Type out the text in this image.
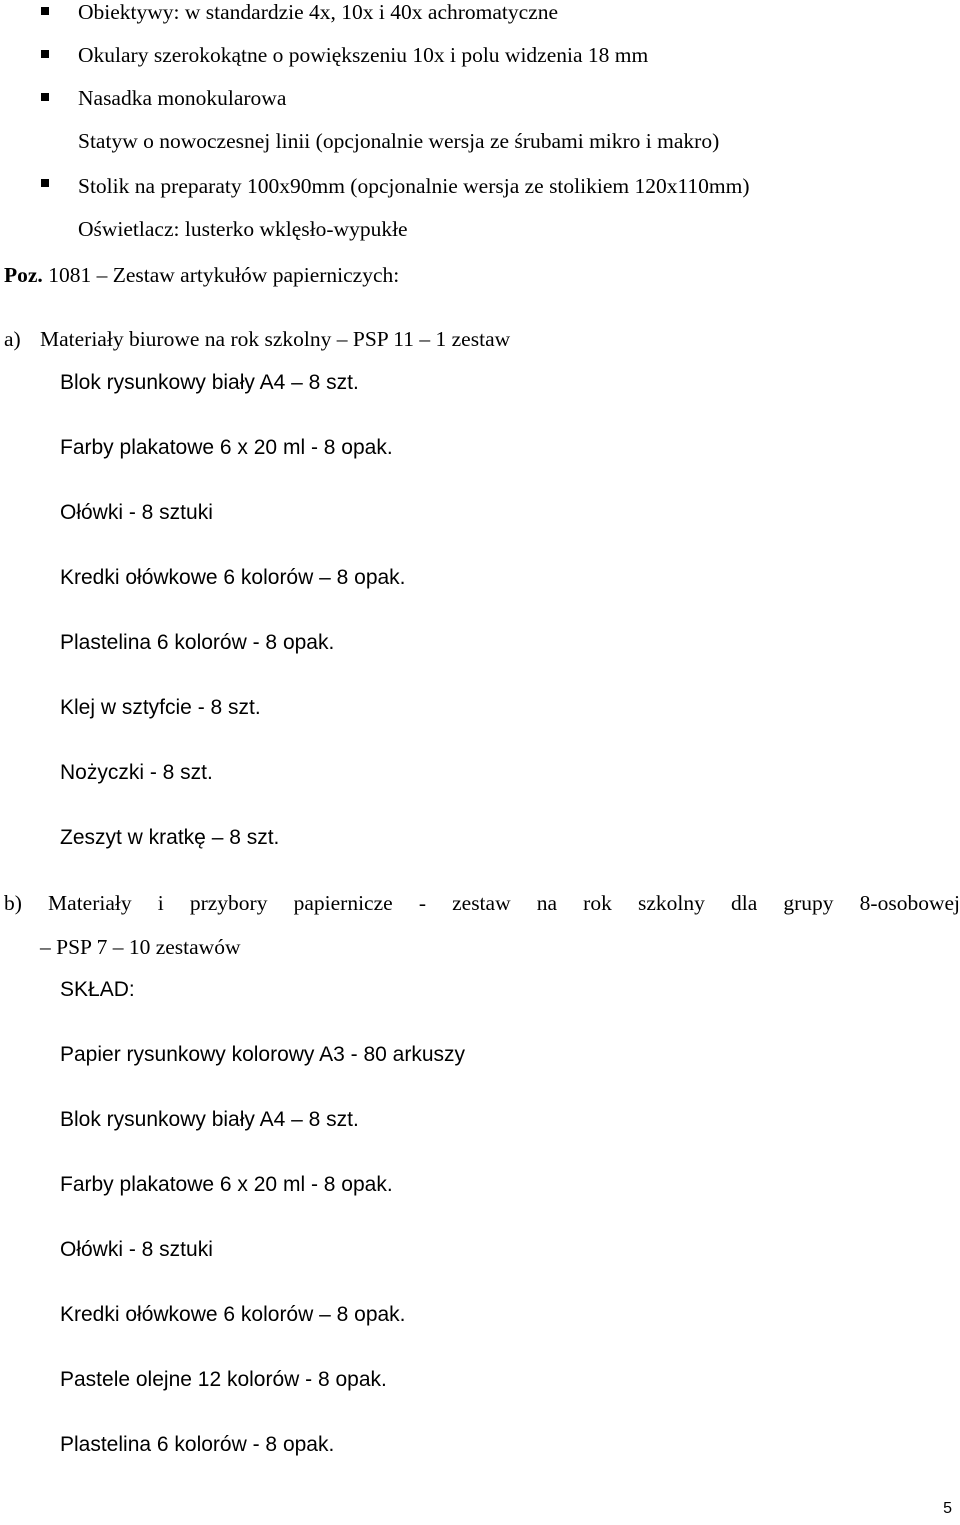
Obiektywy: w standardzie 4x, 10x i 40x achromatyczne
Okulary szerokokątne o powiększeniu 10x i polu widzenia 18 mm
Nasadka monokularowa
Statyw o nowoczesnej linii (opcjonalnie wersja ze śrubami mikro i makro)
Stolik na preparaty 100x90mm (opcjonalnie wersja ze stolikiem 120x110mm)
Oświetlacz: lusterko wklęsło-wypukłe
Poz. 1081 – Zestaw artykułów papierniczych:
a) Materiały biurowe na rok szkolny – PSP 11 – 1 zestaw
Blok rysunkowy biały A4 – 8 szt.
Farby plakatowe 6 x 20 ml - 8 opak.
Ołówki - 8 sztuki
Kredki ołówkowe 6 kolorów – 8 opak.
Plastelina 6 kolorów - 8 opak.
Klej w sztyfcie - 8 szt.
Nożyczki - 8 szt.
Zeszyt w kratkę – 8 szt.
b) Materiały i przybory papiernicze - zestaw na rok szkolny dla grupy 8-osobowej
– PSP 7 – 10 zestawów
SKŁAD:
Papier rysunkowy kolorowy A3 - 80 arkuszy
Blok rysunkowy biały A4 – 8 szt.
Farby plakatowe 6 x 20 ml - 8 opak.
Ołówki - 8 sztuki
Kredki ołówkowe 6 kolorów – 8 opak.
Pastele olejne 12 kolorów - 8 opak.
Plastelina 6 kolorów - 8 opak.
5
